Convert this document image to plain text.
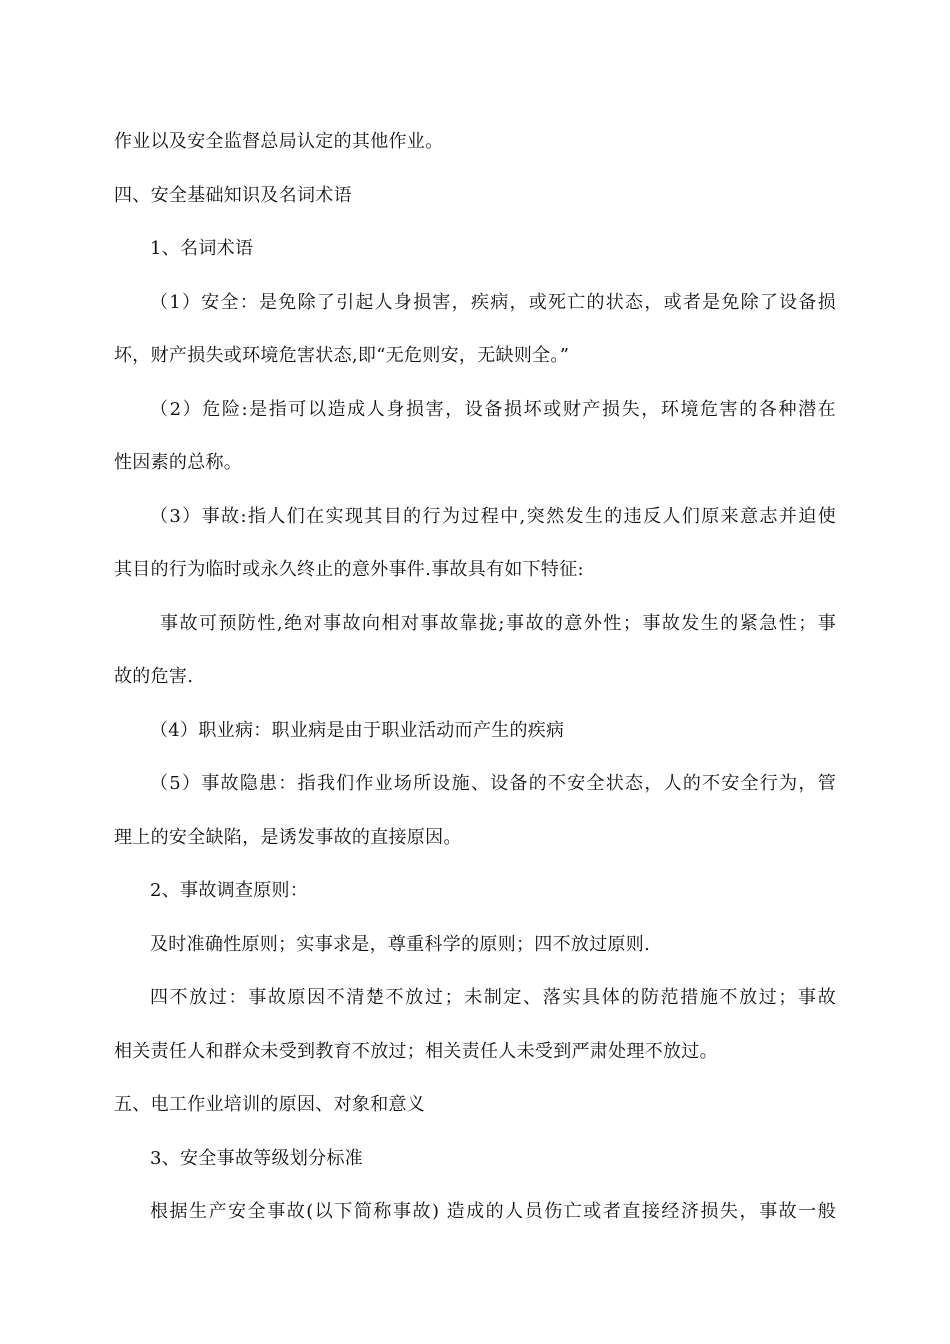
作业以及安全监督总局认定的其他作业。
四、安全基础知识及名词术语
1、名词术语
（1）安全：是免除了引起人身损害，疾病，或死亡的状态，或者是免除了设备损
坏，财产损失或环境危害状态,即“无危则安，无缺则全。”
（2）危险:是指可以造成人身损害，设备损坏或财产损失，环境危害的各种潜在
性因素的总称。
（3）事故:指人们在实现其目的行为过程中,突然发生的违反人们原来意志并迫使
其目的行为临时或永久终止的意外事件.事故具有如下特征:
事故可预防性,绝对事故向相对事故靠拢;事故的意外性；事故发生的紧急性；事
故的危害.
（4）职业病：职业病是由于职业活动而产生的疾病
（5）事故隐患：指我们作业场所设施、设备的不安全状态，人的不安全行为，管
理上的安全缺陷，是诱发事故的直接原因。
2、事故调查原则：
及时准确性原则；实事求是，尊重科学的原则；四不放过原则.
四不放过：事故原因不清楚不放过；未制定、落实具体的防范措施不放过；事故
相关责任人和群众未受到教育不放过；相关责任人未受到严肃处理不放过。
五、电工作业培训的原因、对象和意义
3、安全事故等级划分标准
根据生产安全事故(以下简称事故) 造成的人员伤亡或者直接经济损失，事故一般
